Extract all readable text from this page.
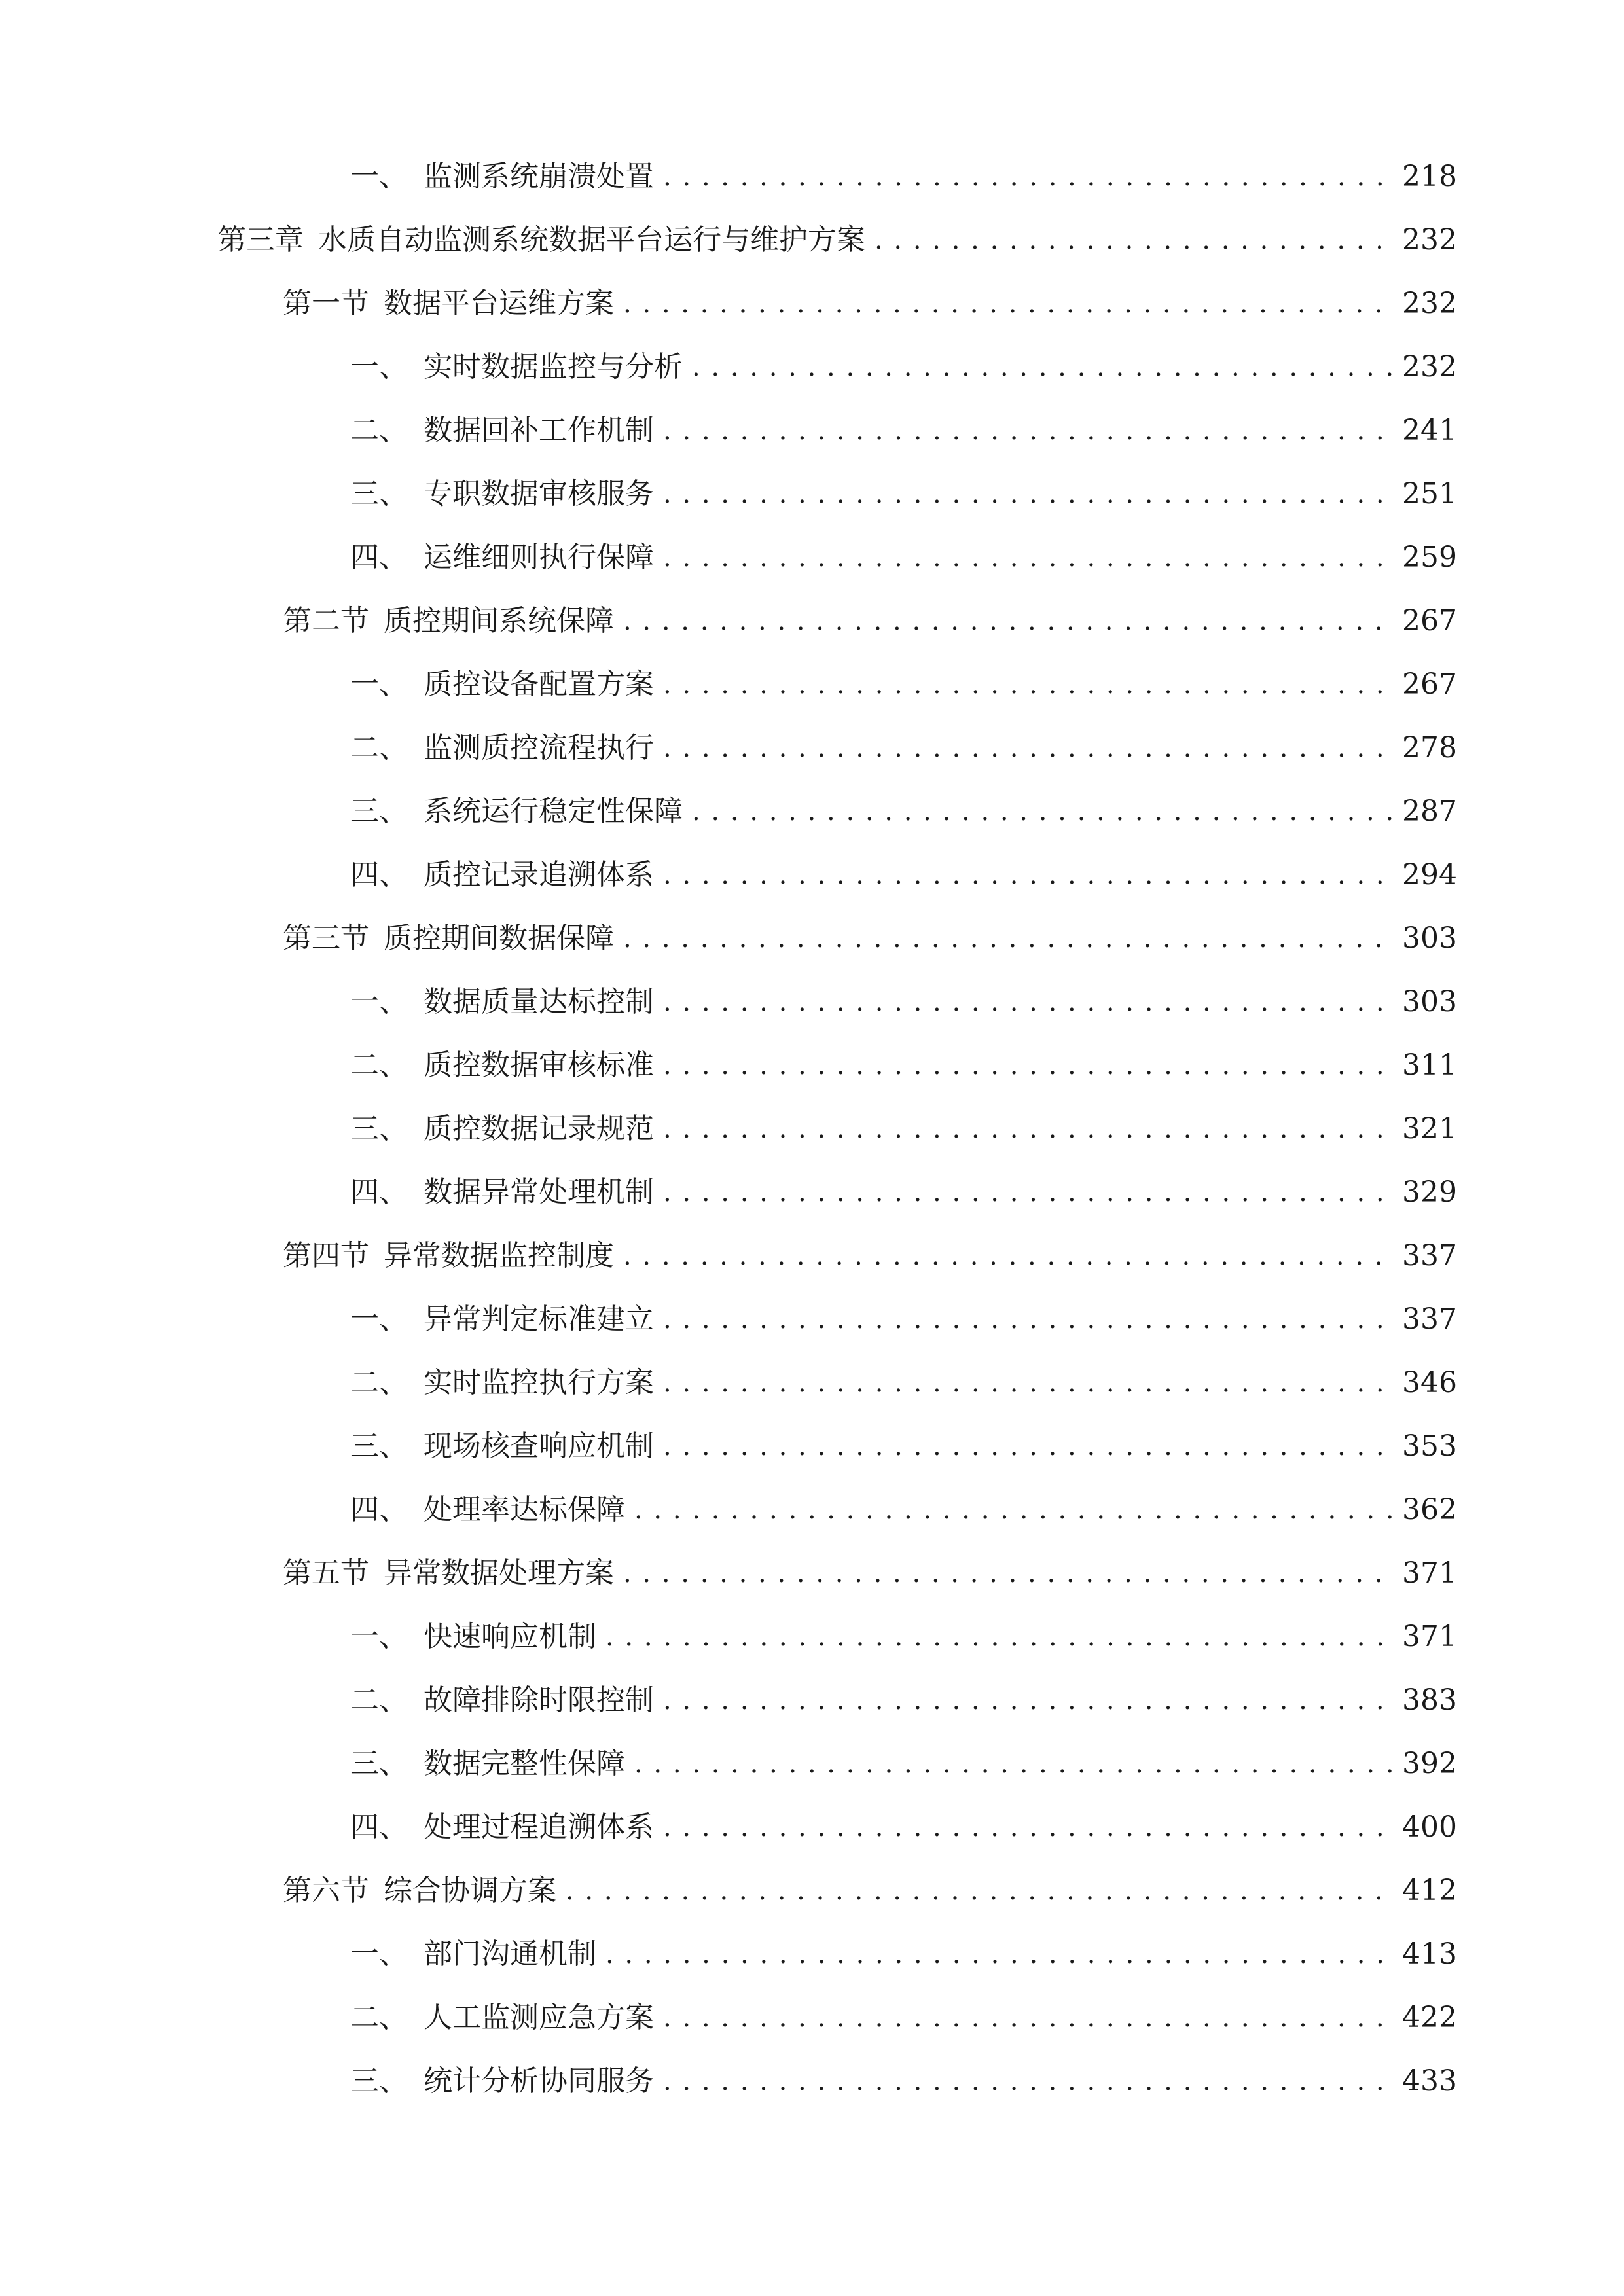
一、 监测系统崩溃处置 . . .	218
第三章 水质自动监测系统数据平台运行与维护方案 . . .	232
第一节 数据平台运维方案 . . .	232
一、 实时数据监控与分析 . . .	232
二、 数据回补工作机制 . . .	241
三、 专职数据审核服务 . . .	251
四、 运维细则执行保障 . . .	259
第二节 质控期间系统保障 . . .	267
一、 质控设备配置方案 . . .	267
二、 监测质控流程执行 . . .	278
三、 系统运行稳定性保障 . . .	287
四、 质控记录追溯体系 . . .	294
第三节 质控期间数据保障 . . .	303
一、 数据质量达标控制 . . .	303
二、 质控数据审核标准 . . .	311
三、 质控数据记录规范 . . .	321
四、 数据异常处理机制 . . .	329
第四节 异常数据监控制度 . . .	337
一、 异常判定标准建立 . . .	337
二、 实时监控执行方案 . . .	346
三、 现场核查响应机制 . . .	353
四、 处理率达标保障 . . .	362
第五节 异常数据处理方案 . . .	371
一、 快速响应机制 . . .	371
二、 故障排除时限控制 . . .	383
三、 数据完整性保障 . . .	392
四、 处理过程追溯体系 . . .	400
第六节 综合协调方案 . . .	412
一、 部门沟通机制 . . .	413
二、 人工监测应急方案 . . .	422
三、 统计分析协同服务 . . .	433
